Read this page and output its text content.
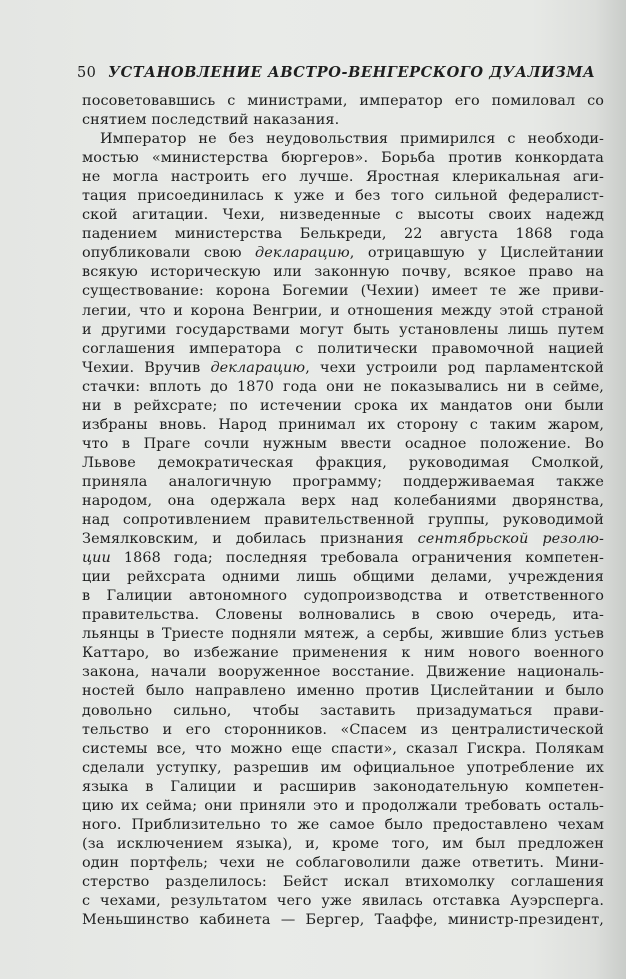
50 УСТАНОВЛЕНИЕ АВСТРО-ВЕНГЕРСКОГО ДУАЛИЗМА
посоветовавшись с министрами, император его помиловал со
снятием последствий наказания.
Император не без неудовольствия примирился с необходи-
мостью «министерства бюргеров». Борьба против конкордата
не могла настроить его лучше. Яростная клерикальная аги-
тация присоединилась к уже и без того сильной федералист-
ской агитации. Чехи, низведенные с высоты своих надежд
падением министерства Белькреди, 22 августа 1868 года
опубликовали свою декларацию, отрицавшую у Цислейтании
всякую историческую или законную почву, всякое право на
существование: корона Богемии (Чехии) имеет те же приви-
легии, что и корона Венгрии, и отношения между этой страной
и другими государствами могут быть установлены лишь путем
соглашения императора с политически правомочной нацией
Чехии. Вручив декларацию, чехи устроили род парламентской
стачки: вплоть до 1870 года они не показывались ни в сейме,
ни в рейхсрате; по истечении срока их мандатов они были
избраны вновь. Народ принимал их сторону с таким жаром,
что в Праге сочли нужным ввести осадное положение. Во
Львове демократическая фракция, руководимая Смолкой,
приняла аналогичную программу; поддерживаемая также
народом, она одержала верх над колебаниями дворянства,
над сопротивлением правительственной группы, руководимой
Земялковским, и добилась признания сентябрьской резолю-
ции 1868 года; последняя требовала ограничения компетен-
ции рейхсрата одними лишь общими делами, учреждения
в Галиции автономного судопроизводства и ответственного
правительства. Словены волновались в свою очередь, ита-
льянцы в Триесте подняли мятеж, а сербы, жившие близ устьев
Каттаро, во избежание применения к ним нового военного
закона, начали вооруженное восстание. Движение националь-
ностей было направлено именно против Цислейтании и было
довольно сильно, чтобы заставить призадуматься прави-
тельство и его сторонников. «Спасем из централистической
системы все, что можно еще спасти», сказал Гискра. Полякам
сделали уступку, разрешив им официальное употребление их
языка в Галиции и расширив законодательную компетен-
цию их сейма; они приняли это и продолжали требовать осталь-
ного. Приблизительно то же самое было предоставлено чехам
(за исключением языка), и, кроме того, им был предложен
один портфель; чехи не соблаговолили даже ответить. Мини-
стерство разделилось: Бейст искал втихомолку соглашения
с чехами, результатом чего уже явилась отставка Ауэрсперга.
Меньшинство кабинета — Бергер, Тааффе, министр-президент,
